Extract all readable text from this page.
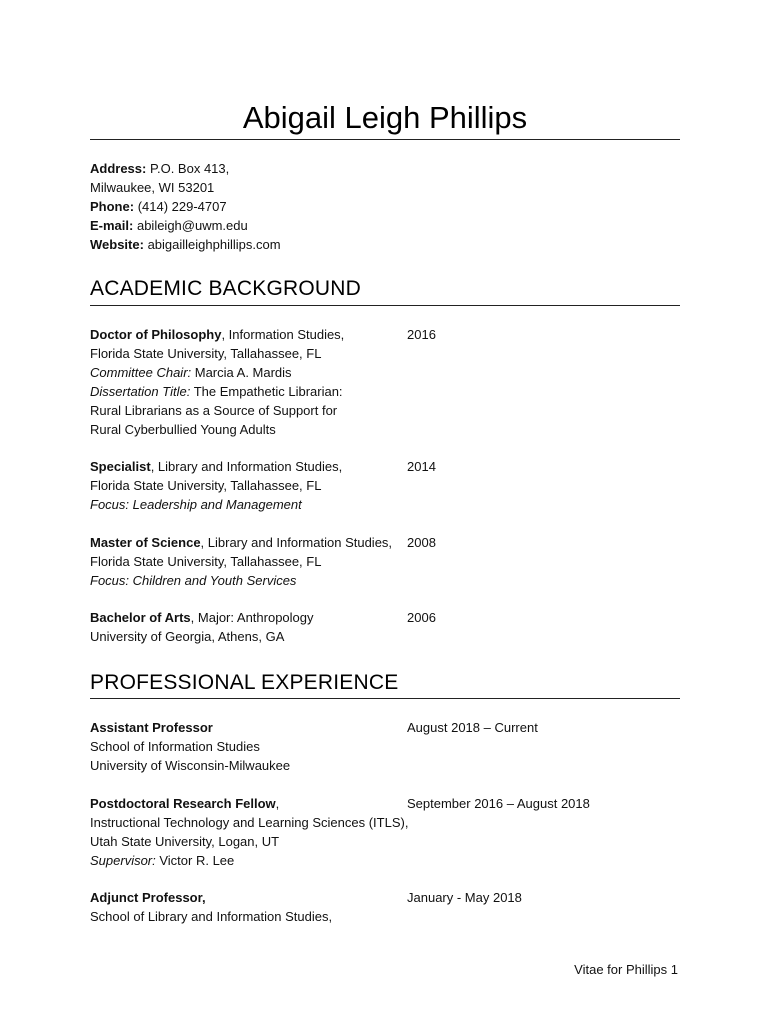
Abigail Leigh Phillips
Address: P.O. Box 413,
Milwaukee, WI 53201
Phone: (414) 229-4707
E-mail: abileigh@uwm.edu
Website: abigailleighphillips.com
ACADEMIC BACKGROUND
Doctor of Philosophy, Information Studies,	2016
Florida State University, Tallahassee, FL
Committee Chair: Marcia A. Mardis
Dissertation Title: The Empathetic Librarian:
Rural Librarians as a Source of Support for
Rural Cyberbullied Young Adults
Specialist, Library and Information Studies,	2014
Florida State University, Tallahassee, FL
Focus: Leadership and Management
Master of Science, Library and Information Studies,	2008
Florida State University, Tallahassee, FL
Focus: Children and Youth Services
Bachelor of Arts, Major: Anthropology	2006
University of Georgia, Athens, GA
PROFESSIONAL EXPERIENCE
Assistant Professor	August 2018 – Current
School of Information Studies
University of Wisconsin-Milwaukee
Postdoctoral Research Fellow,	September 2016 – August 2018
Instructional Technology and Learning Sciences (ITLS),
Utah State University, Logan, UT
Supervisor: Victor R. Lee
Adjunct Professor,	January - May 2018
School of Library and Information Studies,
Vitae for Phillips 1
